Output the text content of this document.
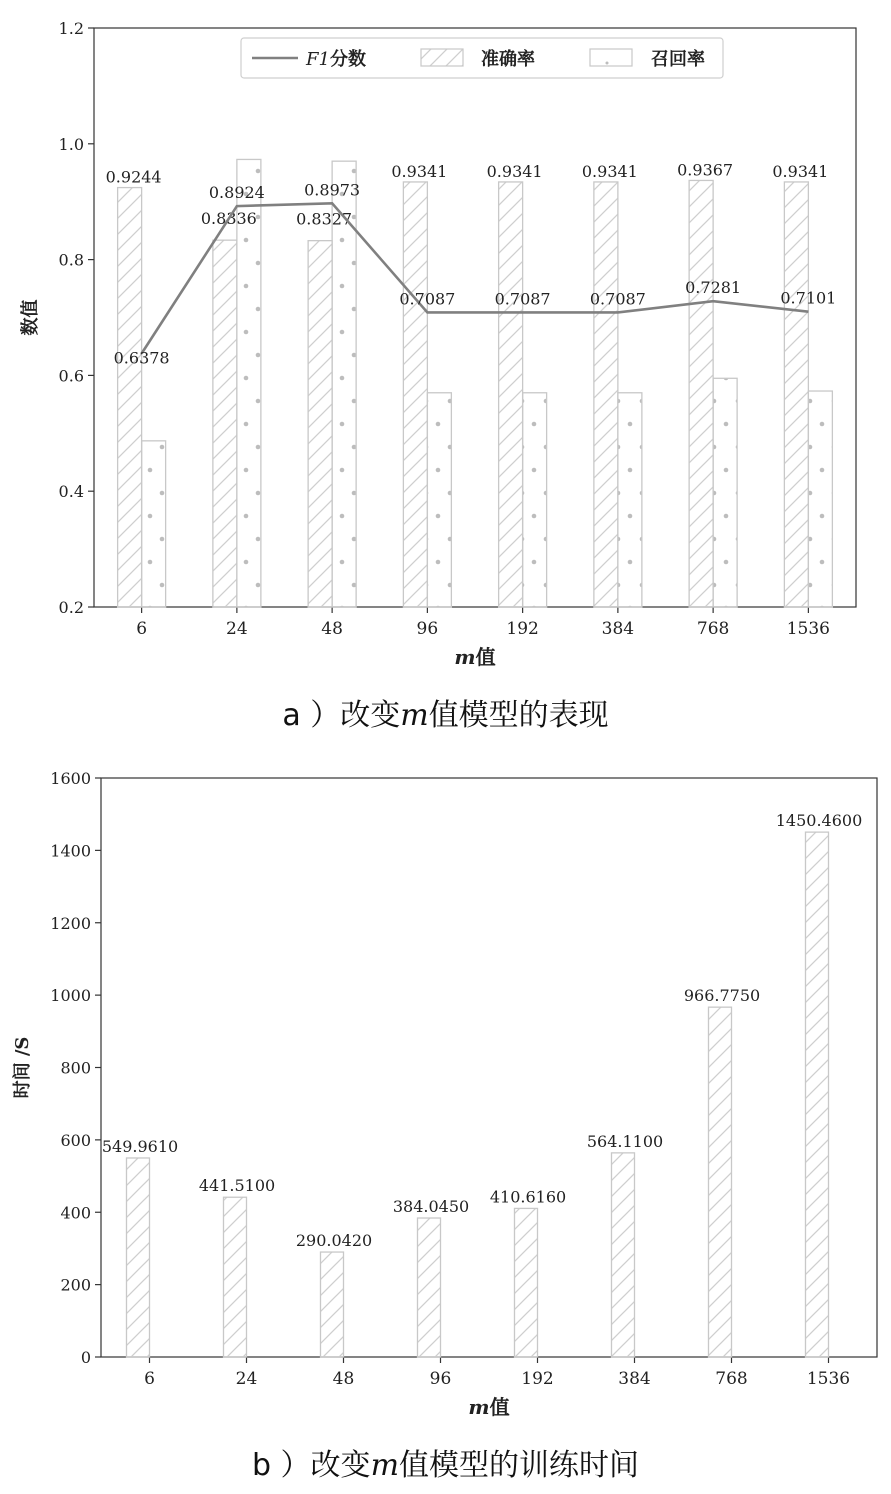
0.2
0.4
0.6
0.8
1.0
1.2
数值
6	24	48	96	192	384	768	1536
m值
0.9244
0.8336 0.8327
0.9341 0.9341 0.9341 0.9367 0.9341
0.6378
0.8924 0.8973
0.7087 0.7087 0.7087
0.7281
0.7101
F1分数	准确率	召回率
0
200
400
600
800
1000
1200
1400
1600
时间 /S
6	24	48	96	192	384	768	1536
m值
549.9610
441.5100
290.0420
384.0450
410.6160
564.1100
966.7750
1450.4600
a ）改变m值模型的表现
b ）改变m值模型的训练时间
